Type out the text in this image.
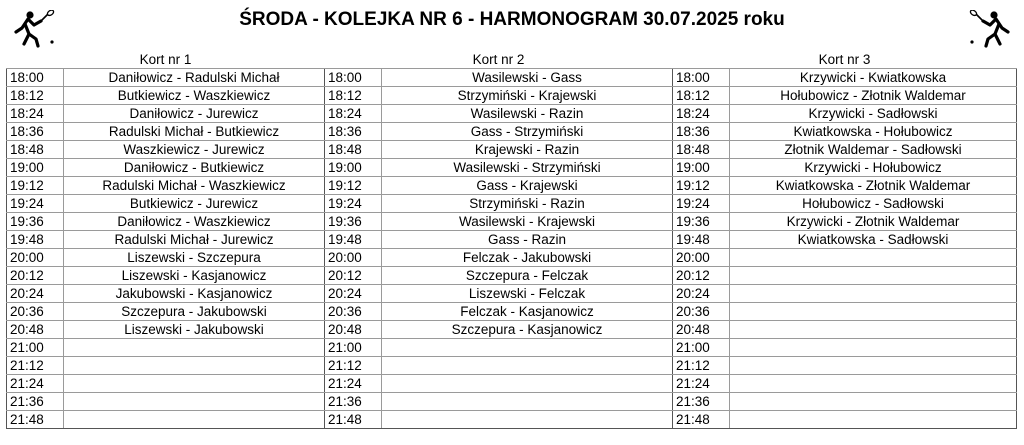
ŚRODA - KOLEJKA NR 6 - HARMONOGRAM 30.07.2025 roku
Kort nr 1		Kort nr 2		Kort nr 3	
18:00	Daniłowicz - Radulski Michał	18:00	Wasilewski - Gass	18:00	Krzywicki - Kwiatkowska
18:12	Butkiewicz - Waszkiewicz	18:12	Strzymiński - Krajewski	18:12	Hołubowicz - Złotnik Waldemar
18:24	Daniłowicz - Jurewicz	18:24	Wasilewski - Razin	18:24	Krzywicki - Sadłowski
18:36	Radulski Michał - Butkiewicz	18:36	Gass - Strzymiński	18:36	Kwiatkowska - Hołubowicz
18:48	Waszkiewicz - Jurewicz	18:48	Krajewski - Razin	18:48	Złotnik Waldemar - Sadłowski
19:00	Daniłowicz - Butkiewicz	19:00	Wasilewski - Strzymiński	19:00	Krzywicki - Hołubowicz
19:12	Radulski Michał - Waszkiewicz	19:12	Gass - Krajewski	19:12	Kwiatkowska - Złotnik Waldemar
19:24	Butkiewicz - Jurewicz	19:24	Strzymiński - Razin	19:24	Hołubowicz - Sadłowski
19:36	Daniłowicz - Waszkiewicz	19:36	Wasilewski - Krajewski	19:36	Krzywicki - Złotnik Waldemar
19:48	Radulski Michał - Jurewicz	19:48	Gass - Razin	19:48	Kwiatkowska - Sadłowski
20:00	Liszewski - Szczepura	20:00	Felczak - Jakubowski	20:00	
20:12	Liszewski - Kasjanowicz	20:12	Szczepura - Felczak	20:12	
20:24	Jakubowski - Kasjanowicz	20:24	Liszewski - Felczak	20:24	
20:36	Szczepura - Jakubowski	20:36	Felczak - Kasjanowicz	20:36	
20:48	Liszewski - Jakubowski	20:48	Szczepura - Kasjanowicz	20:48	
21:00		21:00		21:00	
21:12		21:12		21:12	
21:24		21:24		21:24	
21:36		21:36		21:36	
21:48		21:48		21:48	
